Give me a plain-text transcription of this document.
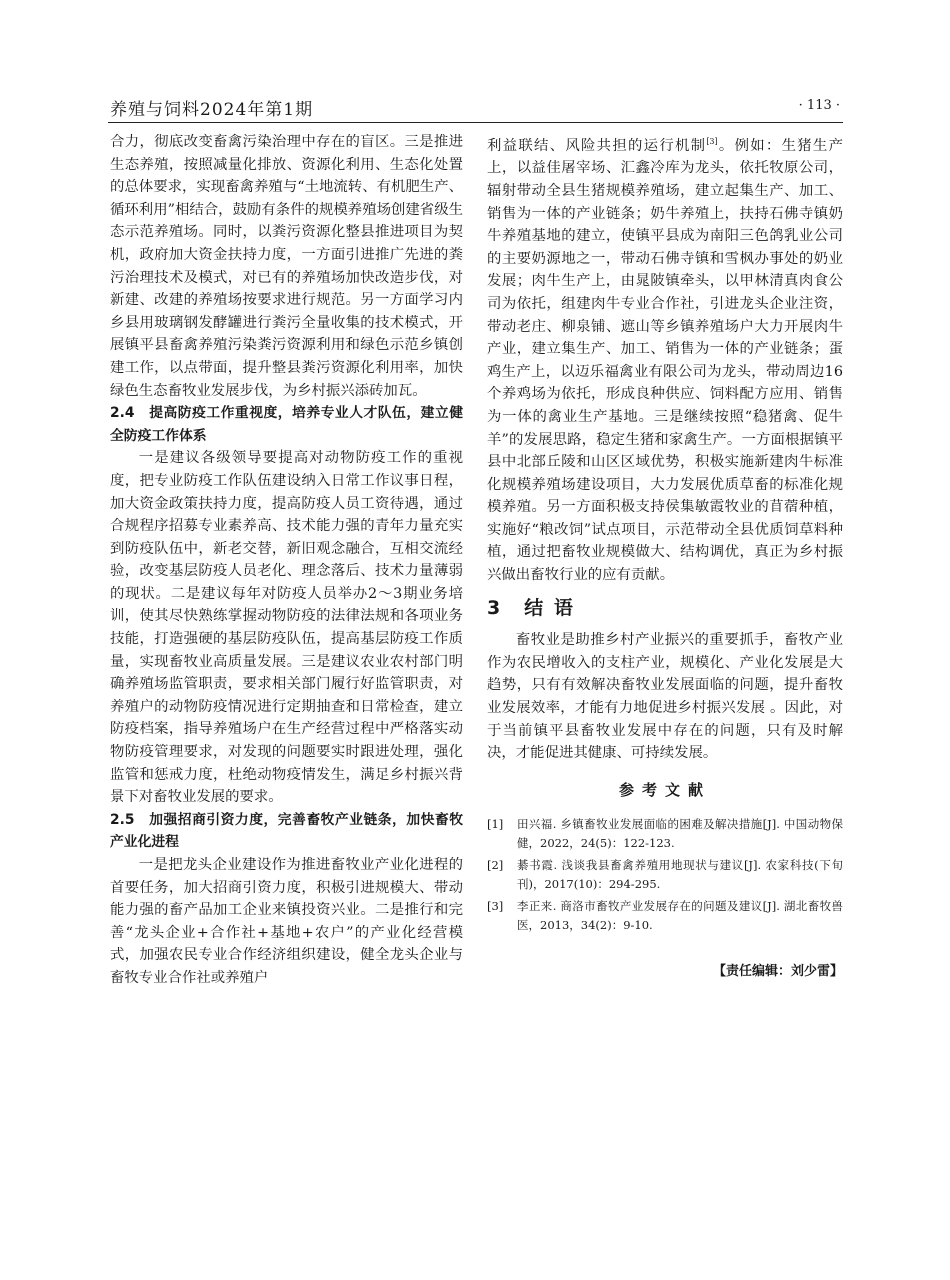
养殖与饲料2024年第1期	· 113 ·

合力，彻底改变畜禽污染治理中存在的盲区。三是推进生态养殖，按照减量化排放、资源化利用、生态化处置的总体要求，实现畜禽养殖与“土地流转、有机肥生产、循环利用”相结合，鼓励有条件的规模养殖场创建省级生态示范养殖场。同时，以粪污资源化整县推进项目为契机，政府加大资金扶持力度，一方面引进推广先进的粪污治理技术及模式，对已有的养殖场加快改造步伐，对新建、改建的养殖场按要求进行规范。另一方面学习内乡县用玻璃钢发酵罐进行粪污全量收集的技术模式，开展镇平县畜禽养殖污染粪污资源利用和绿色示范乡镇创建工作，以点带面，提升整县粪污资源化利用率，加快绿色生态畜牧业发展步伐，为乡村振兴添砖加瓦。

2.4　提高防疫工作重视度，培养专业人才队伍，建立健全防疫工作体系

一是建议各级领导要提高对动物防疫工作的重视度，把专业防疫工作队伍建设纳入日常工作议事日程，加大资金政策扶持力度，提高防疫人员工资待遇，通过合规程序招募专业素养高、技术能力强的青年力量充实到防疫队伍中，新老交替，新旧观念融合，互相交流经验，改变基层防疫人员老化、理念落后、技术力量薄弱的现状。二是建议每年对防疫人员举办2～3期业务培训，使其尽快熟练掌握动物防疫的法律法规和各项业务技能，打造强硬的基层防疫队伍，提高基层防疫工作质量，实现畜牧业高质量发展。三是建议农业农村部门明确养殖场监管职责，要求相关部门履行好监管职责，对养殖户的动物防疫情况进行定期抽查和日常检查，建立防疫档案，指导养殖场户在生产经营过程中严格落实动物防疫管理要求，对发现的问题要实时跟进处理，强化监管和惩戒力度，杜绝动物疫情发生，满足乡村振兴背景下对畜牧业发展的要求。

2.5　加强招商引资力度，完善畜牧产业链条，加快畜牧产业化进程

一是把龙头企业建设作为推进畜牧业产业化进程的首要任务，加大招商引资力度，积极引进规模大、带动能力强的畜产品加工企业来镇投资兴业。二是推行和完善“龙头企业+合作社+基地+农户”的产业化经营模式，加强农民专业合作经济组织建设，健全龙头企业与畜牧专业合作社或养殖户

利益联结、风险共担的运行机制[3]。例如：生猪生产上，以益佳屠宰场、汇鑫冷库为龙头，依托牧原公司，辐射带动全县生猪规模养殖场，建立起集生产、加工、销售为一体的产业链条；奶牛养殖上，扶持石佛寺镇奶牛养殖基地的建立，使镇平县成为南阳三色鸽乳业公司的主要奶源地之一，带动石佛寺镇和雪枫办事处的奶业发展；肉牛生产上，由晁陂镇牵头，以甲林清真肉食公司为依托，组建肉牛专业合作社，引进龙头企业注资，带动老庄、柳泉铺、遮山等乡镇养殖场户大力开展肉牛产业，建立集生产、加工、销售为一体的产业链条；蛋鸡生产上，以迈乐福禽业有限公司为龙头，带动周边16个养鸡场为依托，形成良种供应、饲料配方应用、销售为一体的禽业生产基地。三是继续按照“稳猪禽、促牛羊”的发展思路，稳定生猪和家禽生产。一方面根据镇平县中北部丘陵和山区区域优势，积极实施新建肉牛标准化规模养殖场建设项目，大力发展优质草畜的标准化规模养殖。另一方面积极支持侯集敏霞牧业的苜蓿种植，实施好“粮改饲”试点项目，示范带动全县优质饲草料种植，通过把畜牧业规模做大、结构调优，真正为乡村振兴做出畜牧行业的应有贡献。

3 结 语

畜牧业是助推乡村产业振兴的重要抓手，畜牧产业作为农民增收入的支柱产业，规模化、产业化发展是大趋势，只有有效解决畜牧业发展面临的问题，提升畜牧业发展效率，才能有力地促进乡村振兴发展 。因此，对于当前镇平县畜牧业发展中存在的问题，只有及时解决，才能促进其健康、可持续发展。

参考文献
[1]	田兴福. 乡镇畜牧业发展面临的困难及解决措施[J]. 中国动物保健，2022，24(5)：122-123.
[2]	綦书霞. 浅谈我县畜禽养殖用地现状与建议[J]. 农家科技(下旬刊)，2017(10)：294-295.
[3]	李正来. 商洛市畜牧产业发展存在的问题及建议[J]. 湖北畜牧兽医，2013，34(2)：9-10.
【责任编辑：刘少雷】
